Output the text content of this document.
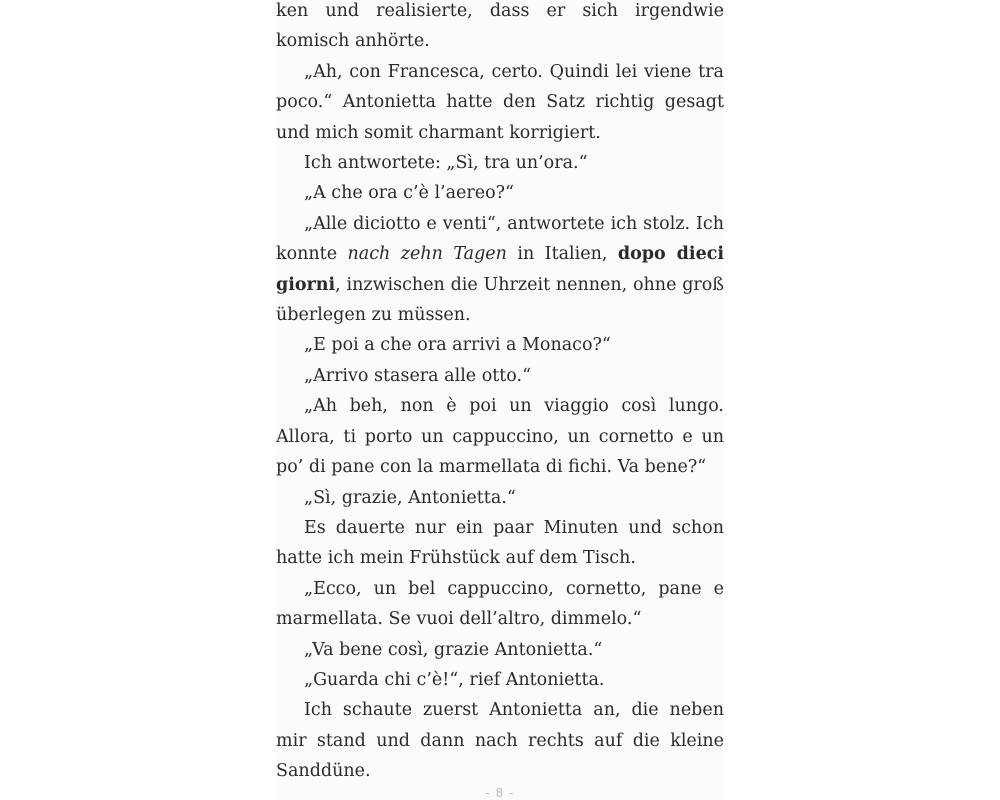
ken und realisierte, dass er sich irgendwie komisch anhörte.

„Ah, con Francesca, certo. Quindi lei viene tra poco.“ Antonietta hatte den Satz richtig gesagt und mich somit charmant korrigiert.

Ich antwortete: „Sì, tra un’ora.“

„A che ora c’è l’aereo?“

„Alle diciotto e venti“, antwortete ich stolz. Ich konnte nach zehn Tagen in Italien, dopo dieci giorni, inzwischen die Uhrzeit nennen, ohne groß überlegen zu müssen.

„E poi a che ora arrivi a Monaco?“

„Arrivo stasera alle otto.“

„Ah beh, non è poi un viaggio così lungo. Allora, ti porto un cappuccino, un cornetto e un po’ di pane con la marmellata di fichi. Va bene?“

„Sì, grazie, Antonietta.“

Es dauerte nur ein paar Minuten und schon hatte ich mein Frühstück auf dem Tisch.

„Ecco, un bel cappuccino, cornetto, pane e marmellata. Se vuoi dell’altro, dimmelo.“

„Va bene così, grazie Antonietta.“

„Guarda chi c’è!“, rief Antonietta.

Ich schaute zuerst Antonietta an, die neben mir stand und dann nach rechts auf die kleine Sanddüne.

- 8 -
